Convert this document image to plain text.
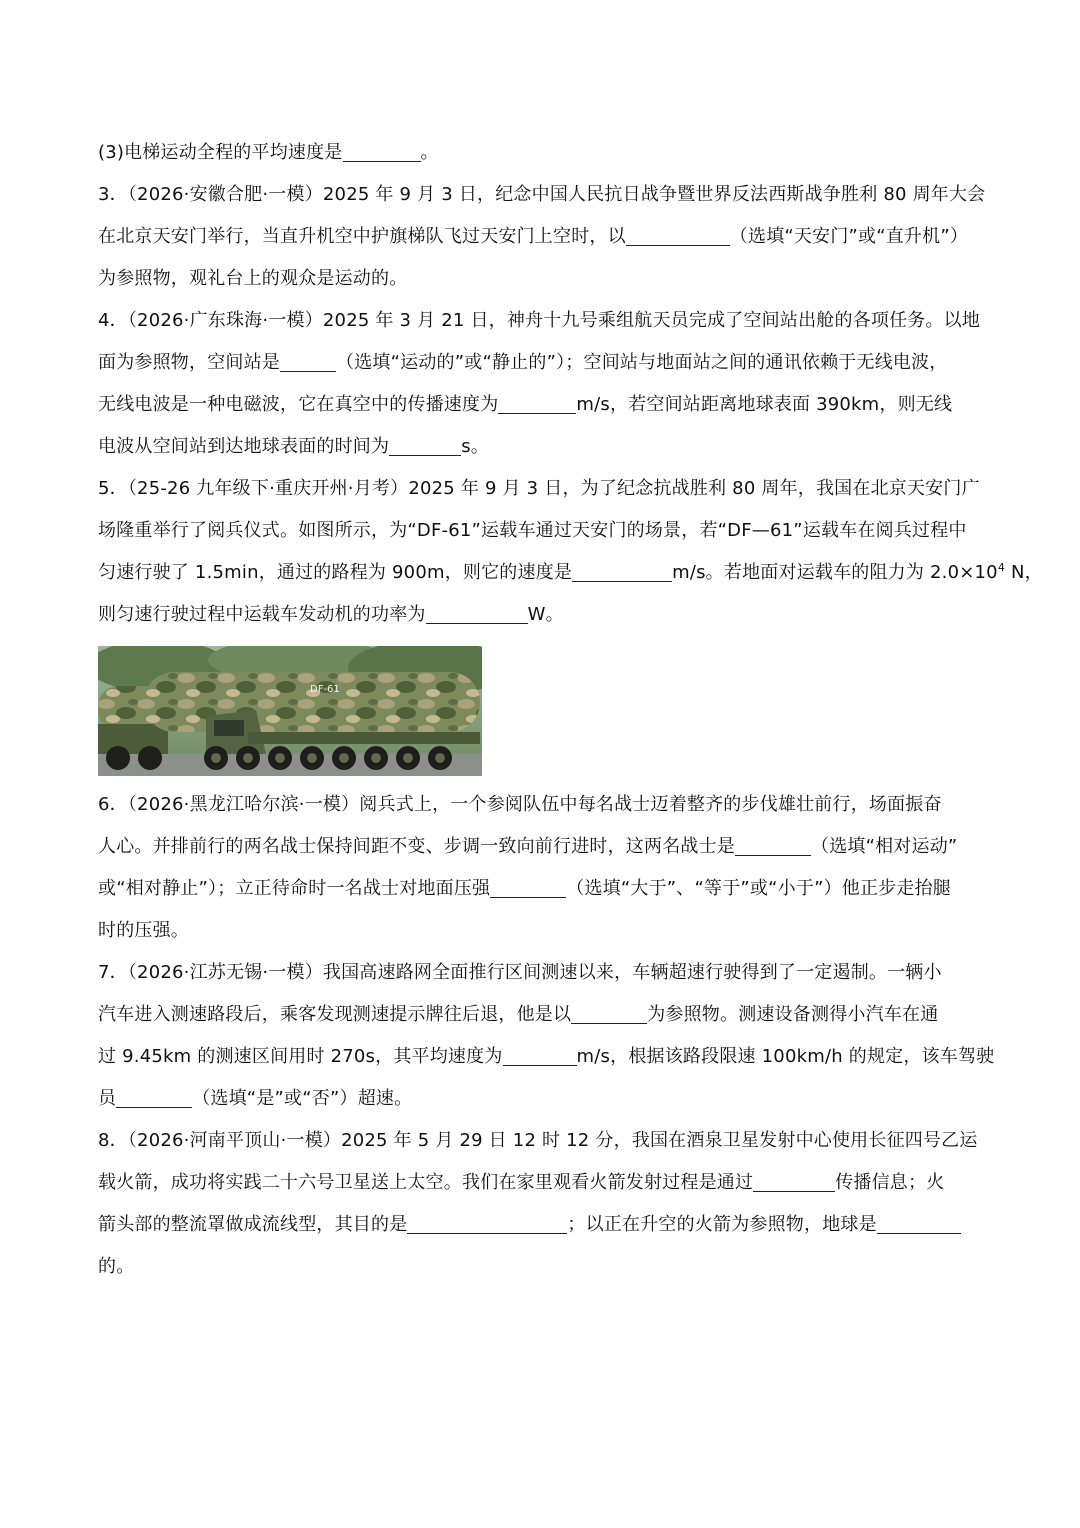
(3)电梯运动全程的平均速度是	。
3．（2026·安徽合肥·一模）2025 年 9 月 3 日，纪念中国人民抗日战争暨世界反法西斯战争胜利 80 周年大会
在北京天安门举行，当直升机空中护旗梯队飞过天安门上空时，以	（选填“天安门”或“直升机”）
为参照物，观礼台上的观众是运动的。
4．（2026·广东珠海·一模）2025 年 3 月 21 日，神舟十九号乘组航天员完成了空间站出舱的各项任务。以地
面为参照物，空间站是	（选填“运动的”或“静止的”）；空间站与地面站之间的通讯依赖于无线电波，
无线电波是一种电磁波，它在真空中的传播速度为	m/s，若空间站距离地球表面 390km，则无线
电波从空间站到达地球表面的时间为	s。
5．（25-26 九年级下·重庆开州·月考）2025 年 9 月 3 日，为了纪念抗战胜利 80 周年，我国在北京天安门广
场隆重举行了阅兵仪式。如图所示，为“DF-61”运载车通过天安门的场景，若“DF—61”运载车在阅兵过程中
匀速行驶了 1.5min，通过的路程为 900m，则它的速度是	m/s。若地面对运载车的阻力为 $2.0\times 10^4$ N，
则匀速行驶过程中运载车发动机的功率为	W。
DF-61
6．（2026·黑龙江哈尔滨·一模）阅兵式上，一个参阅队伍中每名战士迈着整齐的步伐雄壮前行，场面振奋
人心。并排前行的两名战士保持间距不变、步调一致向前行进时，这两名战士是	（选填“相对运动”
或“相对静止”）；立正待命时一名战士对地面压强	（选填“大于”、“等于”或“小于”）他正步走抬腿
时的压强。
7．（2026·江苏无锡·一模）我国高速路网全面推行区间测速以来，车辆超速行驶得到了一定遏制。一辆小
汽车进入测速路段后，乘客发现测速提示牌往后退，他是以	为参照物。测速设备测得小汽车在通
过 9.45km 的测速区间用时 270s，其平均速度为	m/s，根据该路段限速 100km/h 的规定，该车驾驶
员	（选填“是”或“否”）超速。
8．（2026·河南平顶山·一模）2025 年 5 月 29 日 12 时 12 分，我国在酒泉卫星发射中心使用长征四号乙运
载火箭，成功将实践二十六号卫星送上太空。我们在家里观看火箭发射过程是通过	传播信息；火
箭头部的整流罩做成流线型，其目的是	；以正在升空的火箭为参照物，地球是
的。
